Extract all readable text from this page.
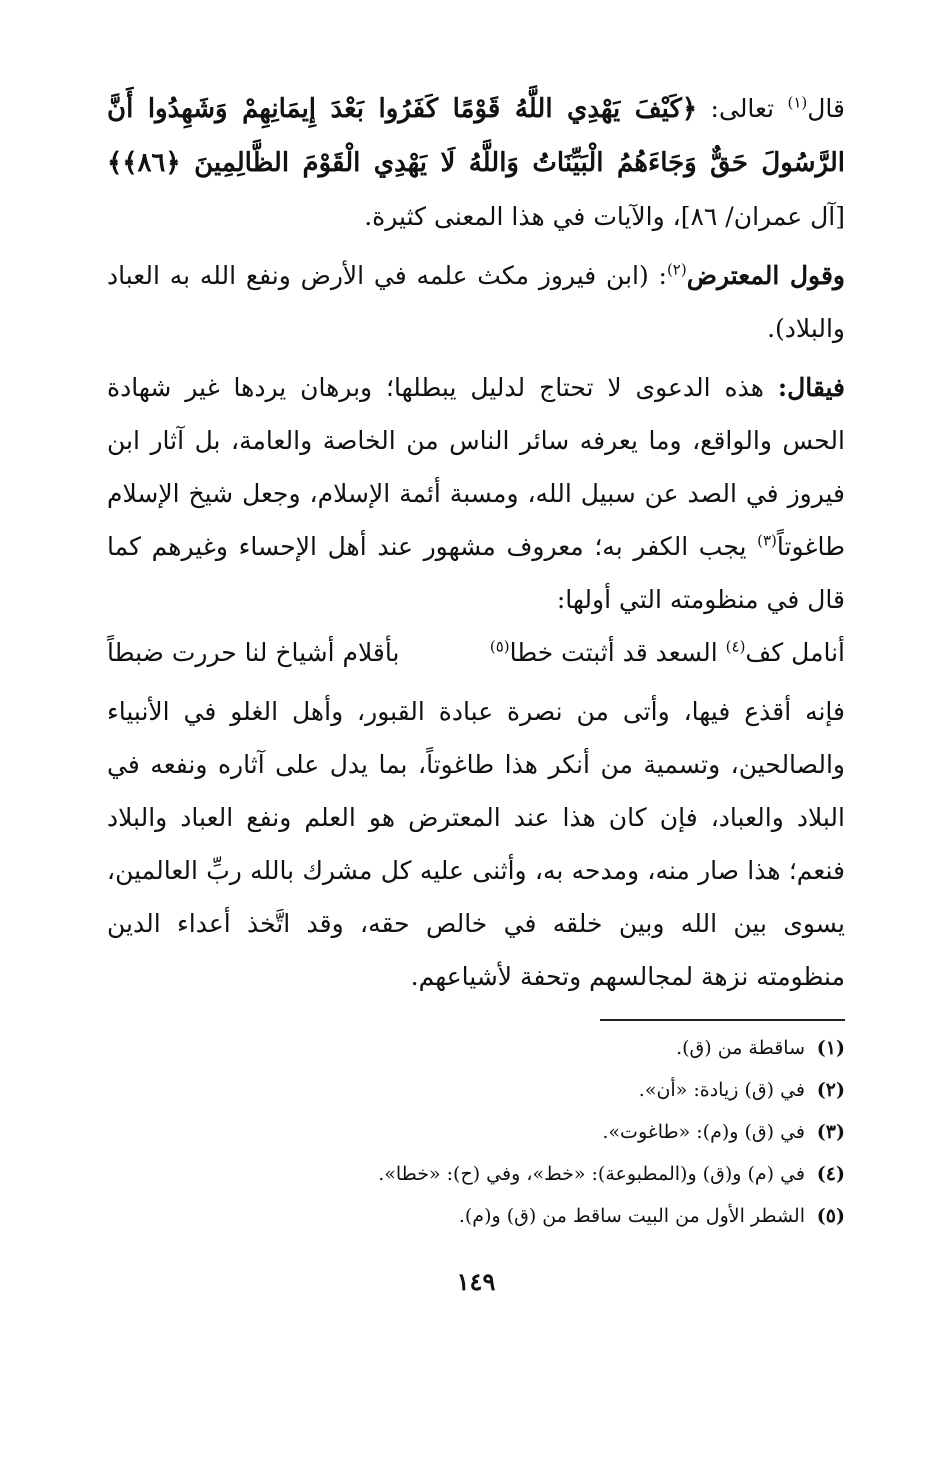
قال$^{(١)}$ تعالى: ﴿كَيْفَ يَهْدِي اللَّهُ قَوْمًا كَفَرُوا بَعْدَ إِيمَانِهِمْ وَشَهِدُوا أَنَّ الرَّسُولَ حَقٌّ وَجَاءَهُمُ الْبَيِّنَاتُ وَاللَّهُ لَا يَهْدِي الْقَوْمَ الظَّالِمِينَ ﴿٨٦﴾﴾ [آل عمران/ ٨٦]، والآيات في هذا المعنى كثيرة.

وقول المعترض$^{(٢)}$: (ابن فيروز مكث علمه في الأرض ونفع الله به العباد والبلاد).

فيقال: هذه الدعوى لا تحتاج لدليل يبطلها؛ وبرهان يردها غير شهادة الحس والواقع، وما يعرفه سائر الناس من الخاصة والعامة، بل آثار ابن فيروز في الصد عن سبيل الله، ومسبة أئمة الإسلام، وجعل شيخ الإسلام طاغوتاً$^{(٣)}$ يجب الكفر به؛ معروف مشهور عند أهل الإحساء وغيرهم كما قال في منظومته التي أولها:

أنامل كف$^{(٤)}$ السعد قد أثبتت خطا$^{(٥)}$
بأقلام أشياخ لنا حررت ضبطاً

فإنه أقذع فيها، وأتى من نصرة عبادة القبور، وأهل الغلو في الأنبياء والصالحين، وتسمية من أنكر هذا طاغوتاً، بما يدل على آثاره ونفعه في البلاد والعباد، فإن كان هذا عند المعترض هو العلم ونفع العباد والبلاد فنعم؛ هذا صار منه، ومدحه به، وأثنى عليه كل مشرك بالله ربِّ العالمين، يسوى بين الله وبين خلقه في خالص حقه، وقد اتَّخذ أعداء الدين منظومته نزهة لمجالسهم وتحفة لأشياعهم.

(١)
ساقطة من (ق).
(٢)
في (ق) زيادة: «أن».
(٣)
في (ق) و(م): «طاغوت».
(٤)
في (م) و(ق) و(المطبوعة): «خط»، وفي (ح): «خطا».
(٥)
الشطر الأول من البيت ساقط من (ق) و(م).
١٤٩
